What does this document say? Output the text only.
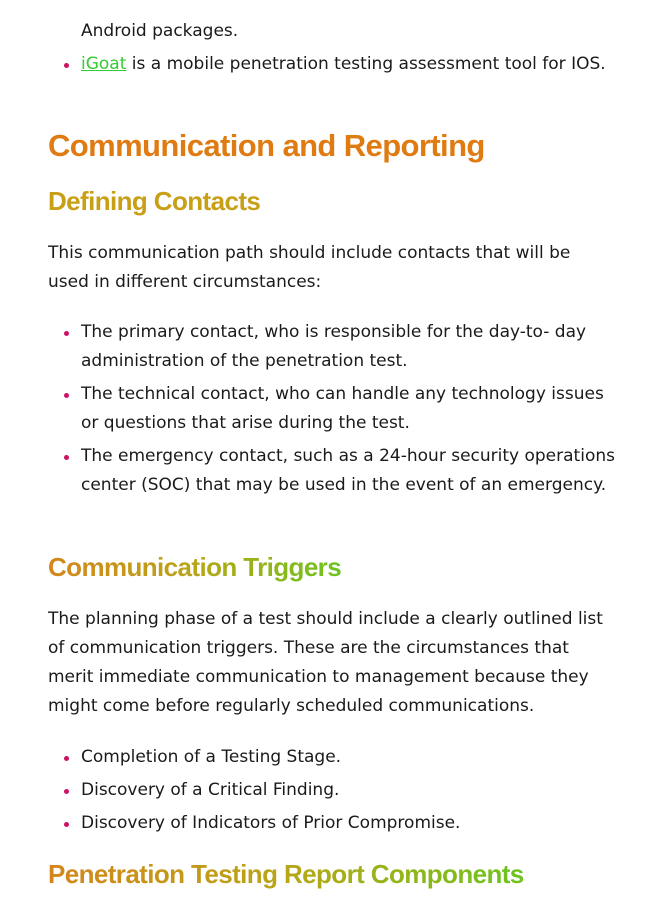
Android packages.
iGoat is a mobile penetration testing assessment tool for IOS.
Communication and Reporting
Defining Contacts

This communication path should include contacts that will be used in different circumstances:

The primary contact, who is responsible for the day-to- day administration of the penetration test.
The technical contact, who can handle any technology issues or questions that arise during the test.
The emergency contact, such as a 24-hour security operations center (SOC) that may be used in the event of an emergency.
Communication Triggers

The planning phase of a test should include a clearly outlined list of communication triggers. These are the circumstances that merit immediate communication to management because they might come before regularly scheduled communications.

Completion of a Testing Stage.
Discovery of a Critical Finding.
Discovery of Indicators of Prior Compromise.
Penetration Testing Report Components
